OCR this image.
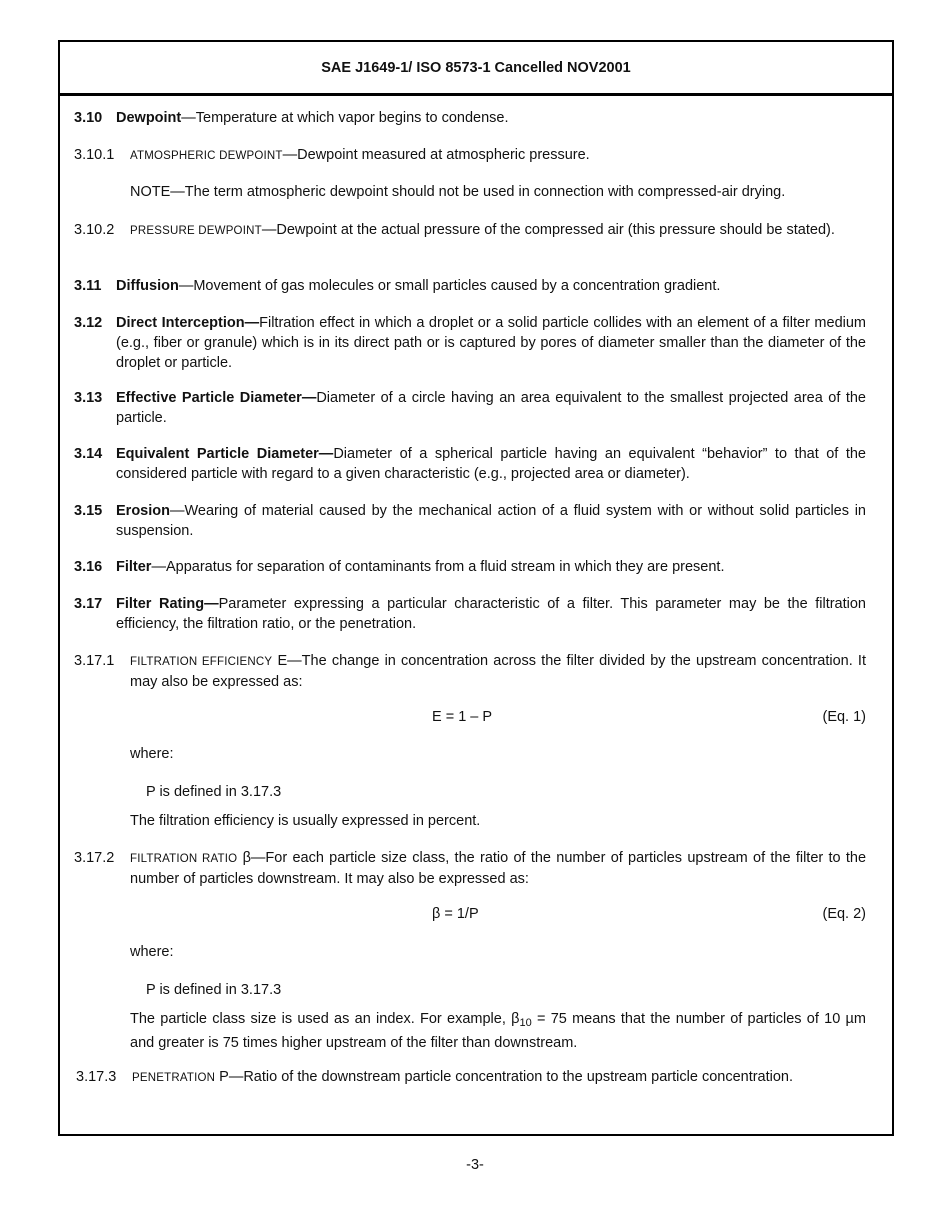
SAE J1649-1/ ISO 8573-1 Cancelled NOV2001
3.10 Dewpoint—Temperature at which vapor begins to condense.
3.10.1 ATMOSPHERIC DEWPOINT—Dewpoint measured at atmospheric pressure.
NOTE—The term atmospheric dewpoint should not be used in connection with compressed-air drying.
3.10.2 PRESSURE DEWPOINT—Dewpoint at the actual pressure of the compressed air (this pressure should be stated).
3.11 Diffusion—Movement of gas molecules or small particles caused by a concentration gradient.
3.12 Direct Interception—Filtration effect in which a droplet or a solid particle collides with an element of a filter medium (e.g., fiber or granule) which is in its direct path or is captured by pores of diameter smaller than the diameter of the droplet or particle.
3.13 Effective Particle Diameter—Diameter of a circle having an area equivalent to the smallest projected area of the particle.
3.14 Equivalent Particle Diameter—Diameter of a spherical particle having an equivalent “behavior” to that of the considered particle with regard to a given characteristic (e.g., projected area or diameter).
3.15 Erosion—Wearing of material caused by the mechanical action of a fluid system with or without solid particles in suspension.
3.16 Filter—Apparatus for separation of contaminants from a fluid stream in which they are present.
3.17 Filter Rating—Parameter expressing a particular characteristic of a filter. This parameter may be the filtration efficiency, the filtration ratio, or the penetration.
3.17.1 FILTRATION EFFICIENCY E—The change in concentration across the filter divided by the upstream concentration. It may also be expressed as:
E = 1 – P	(Eq. 1)
where:
P is defined in 3.17.3
The filtration efficiency is usually expressed in percent.
3.17.2 FILTRATION RATIO β—For each particle size class, the ratio of the number of particles upstream of the filter to the number of particles downstream. It may also be expressed as:
β = 1/P	(Eq. 2)
where:
P is defined in 3.17.3
The particle class size is used as an index. For example, $\beta_{10} = 75$ means that the number of particles of 10 µm and greater is 75 times higher upstream of the filter than downstream.
3.17.3 PENETRATION P—Ratio of the downstream particle concentration to the upstream particle concentration.
-3-
